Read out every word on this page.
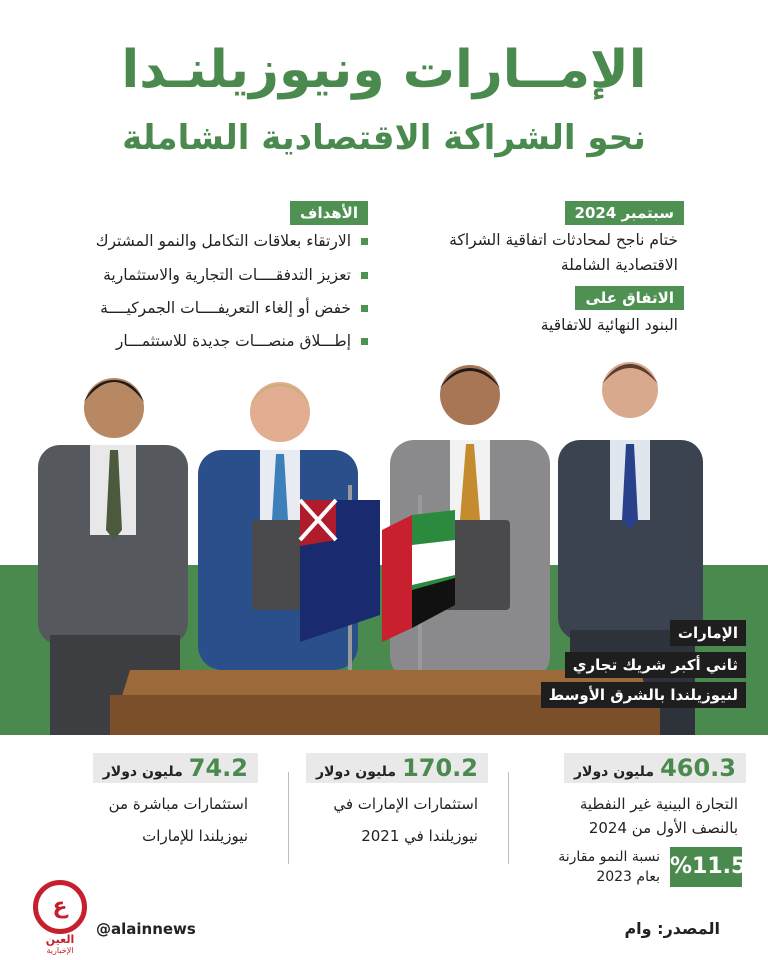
الإمــارات ونيوزيلنـدا
نحو الشراكة الاقتصادية الشاملة
سبتمبر 2024
ختام ناجح لمحادثات اتفاقية الشراكة
الاقتصادية الشاملة
الاتفاق على
البنود النهائية للاتفاقية
الأهداف
الارتقاء بعلاقات التكامل والنمو المشترك
تعزيز التدفقــــات التجارية والاستثمارية
خفض أو إلغاء التعريفــــات الجمركيــــة
إطـــلاق منصـــات جديدة للاستثمـــار
الإمارات
ثاني أكبر شريك تجاري
لنيوزيلندا بالشرق الأوسط
460.3مليون دولار
التجارة البينية غير النفطية
بالنصف الأول من 2024
170.2مليون دولار
استثمارات الإمارات في
نيوزيلندا في 2021
74.2مليون دولار
استثمارات مباشرة من
نيوزيلندا للإمارات
%11.5
نسبة النمو مقارنة
بعام 2023
ع
العين
الإخبارية
@alainnews	المصدر: وام
